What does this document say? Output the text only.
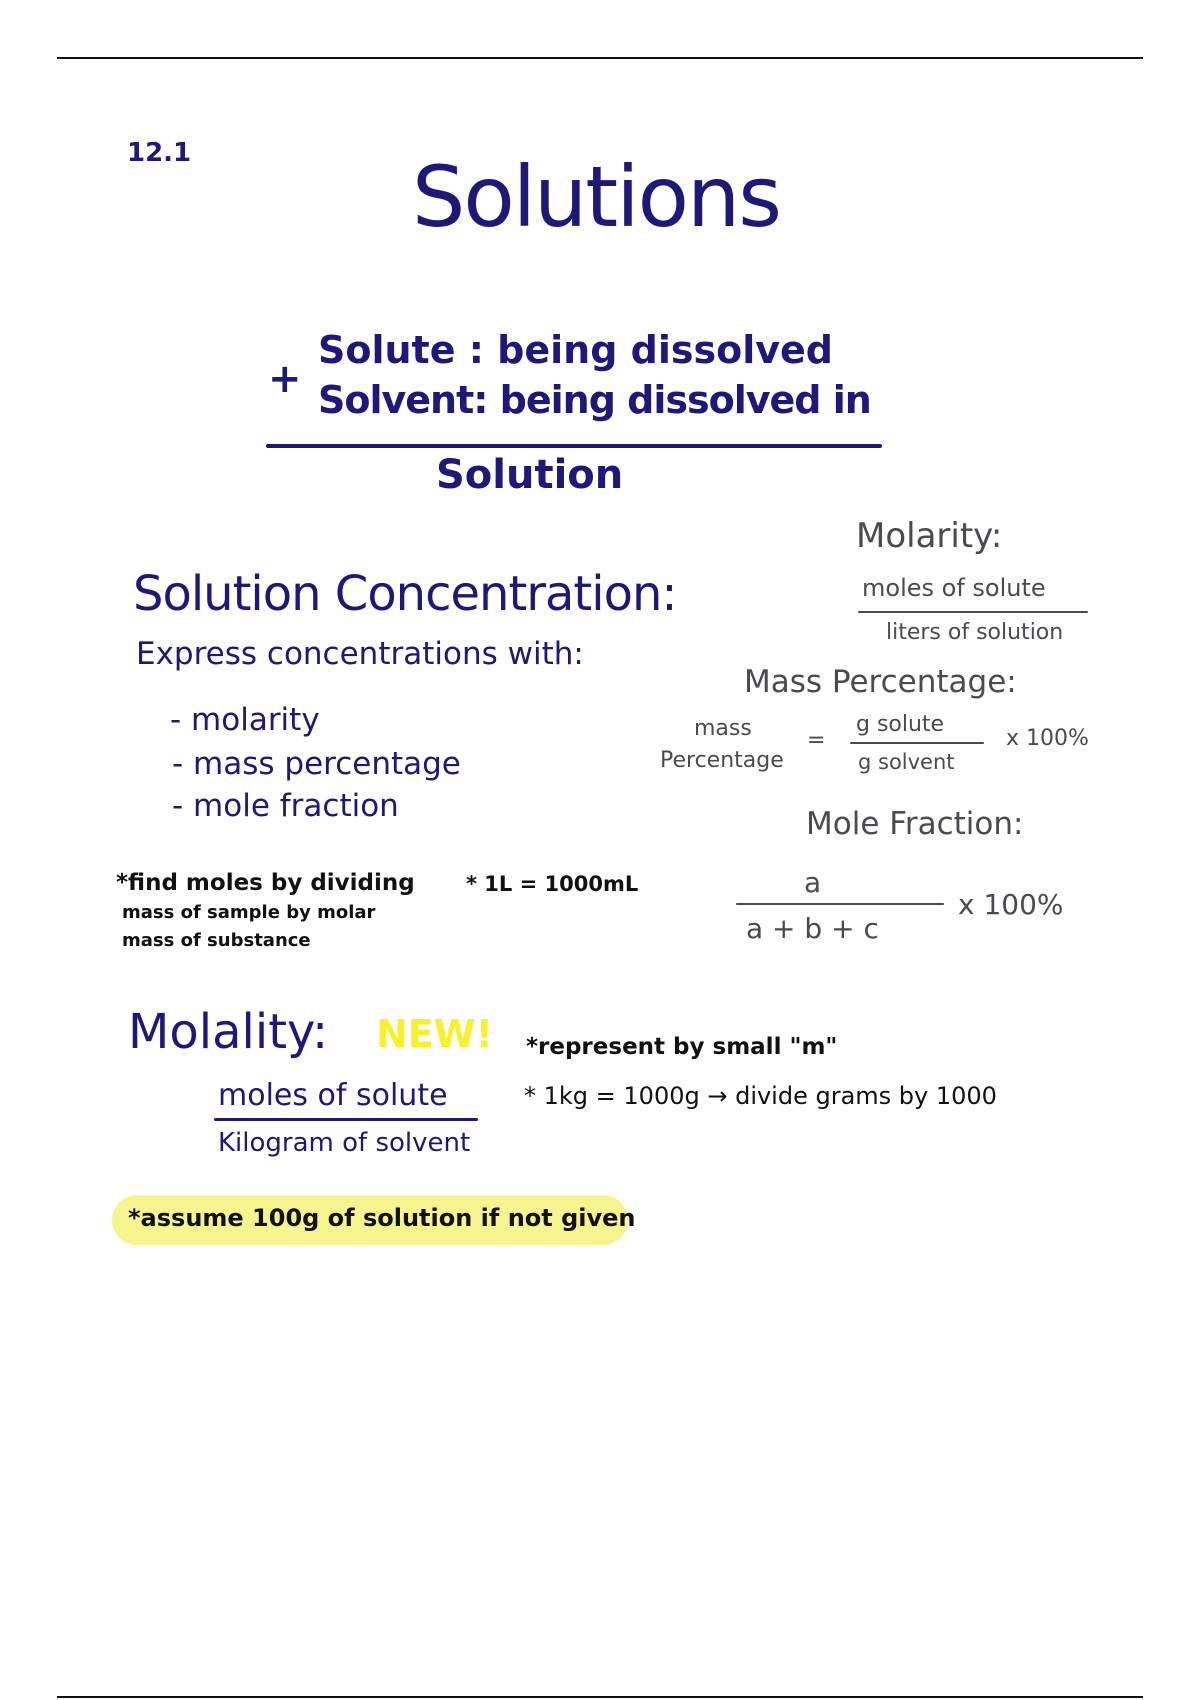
12.1	Solutions
+
Solute : being dissolved
Solvent: being dissolved in
Solution
Solution Concentration:
Express concentrations with:
- molarity
- mass percentage
- mole fraction
Molarity:
moles of solute
liters of solution
Mass Percentage:
mass
Percentage
=
g solute
g solvent
x 100%
Mole Fraction:
a
a + b + c
x 100%
*find moles by dividing
mass of sample by molar
mass of substance
* 1L = 1000mL
Molality: NEW!
moles of solute
Kilogram of solvent
*represent by small "m"
* 1kg = 1000g → divide grams by 1000
*assume 100g of solution if not given
